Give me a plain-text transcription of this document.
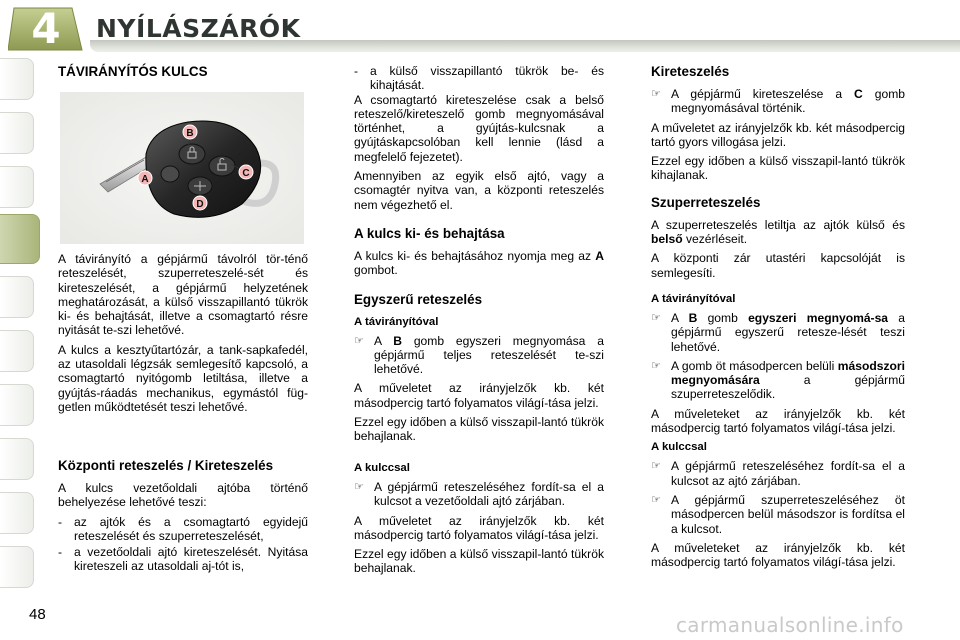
4	NYÍLÁSZÁRÓK
A
B
C
D
TÁVIRÁNYÍTÓS KULCS

A távirányító a gépjármű távolról tör-ténő reteszelését, szuperreteszelé-sét és kireteszelését, a gépjármű helyzetének meghatározását, a külső visszapillantó tükrök ki- és behajtását, illetve a csomagtartó résre nyitását te-szi lehetővé.

A kulcs a kesztyűtartózár, a tank-sapkafedél, az utasoldali légzsák semlegesítő kapcsoló, a csomagtartó nyitógomb letiltása, illetve a gyújtás-ráadás mechanikus, egymástól füg-getlen működtetését teszi lehetővé.

Központi reteszelés / Kireteszelés

A kulcs vezetőoldali ajtóba történő behelyezése lehetővé teszi:

- az ajtók és a csomagtartó egyidejű reteszelését és szuperreteszelését,
- a vezetőoldali ajtó kireteszelését. Nyitása kireteszeli az utasoldali aj-tót is,
- a külső visszapillantó tükrök be- és kihajtását.

A csomagtartó kireteszelése csak a belső reteszelő/kireteszelő gomb megnyomásával történhet, a gyújtás-kulcsnak a gyújtáskapcsolóban kell lennie (lásd a megfelelő fejezetet).

Amennyiben az egyik első ajtó, vagy a csomagtér nyitva van, a központi reteszelés nem végezhető el.

A kulcs ki- és behajtása

A kulcs ki- és behajtásához nyomja meg az A gombot.

Egyszerű reteszelés
A távirányítóval
☞ A B gomb egyszeri megnyomása a gépjármű teljes reteszelését te-szi lehetővé.

A műveletet az irányjelzők kb. két másodpercig tartó folyamatos világí-tása jelzi.

Ezzel egy időben a külső visszapil-lantó tükrök behajlanak.

A kulccsal
☞ A gépjármű reteszeléséhez fordít-sa el a kulcsot a vezetőoldali ajtó zárjában.

A műveletet az irányjelzők kb. két másodpercig tartó folyamatos világí-tása jelzi.

Ezzel egy időben a külső visszapil-lantó tükrök behajlanak.

Kireteszelés
☞ A gépjármű kireteszelése a C gomb megnyomásával történik.

A műveletet az irányjelzők kb. két másodpercig tartó gyors villogása jelzi.

Ezzel egy időben a külső visszapil-lantó tükrök kihajlanak.

Szuperreteszelés

A szuperreteszelés letiltja az ajtók külső és belső vezérléseit.

A központi zár utastéri kapcsolóját is semlegesíti.

A távirányítóval
☞ A B gomb egyszeri megnyomá-sa a gépjármű egyszerű retesze-lését teszi lehetővé.
☞ A gomb öt másodpercen belüli másodszori megnyomására a gépjármű szuperreteszelődik.

A műveleteket az irányjelzők kb. két másodpercig tartó folyamatos világí-tása jelzi.

A kulccsal
☞ A gépjármű reteszeléséhez fordít-sa el a kulcsot az ajtó zárjában.
☞ A gépjármű szuperreteszeléséhez öt másodpercen belül másodszor is fordítsa el a kulcsot.

A műveleteket az irányjelzők kb. két másodpercig tartó folyamatos világí-tása jelzi.

48	carmanualsonline.info
